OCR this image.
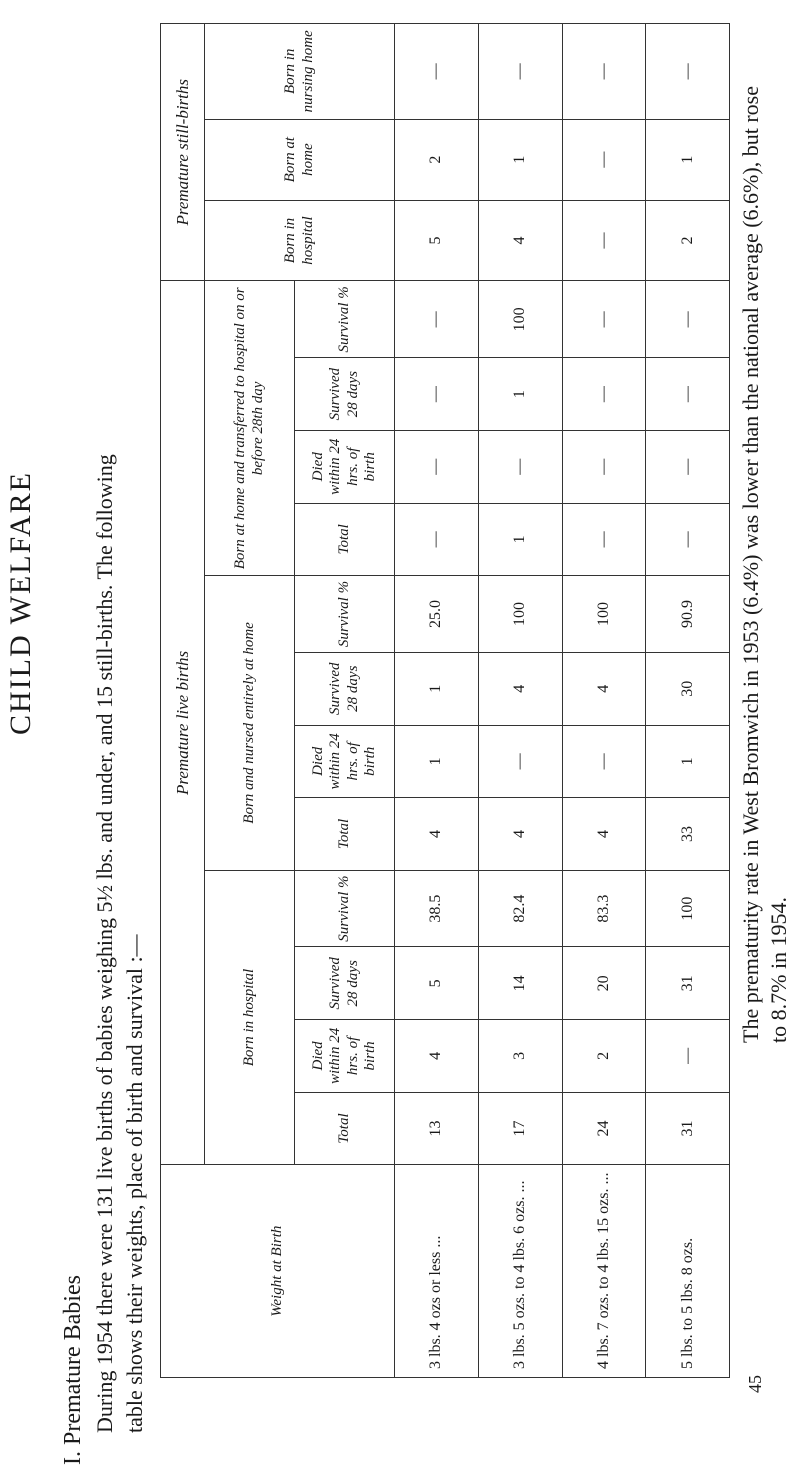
CHILD WELFARE
I. Premature Babies During 1954 there were 131 live births of babies weighing 5½ lbs. and under, and 15 still-births. The following table shows their weights, place of birth and survival :—	Weight at Birth	Premature live births												Premature still-births		
	Born in hospital				Born and nursed entirely at home				Born at home and transferred to hospital on or before 28th day				Born in hospital	Born at home	Born in nursing home
	Total	Died within 24 hrs. of birth	Survived 28 days	Survival %	Total	Died within 24 hrs. of birth	Survived 28 days	Survival %	Total	Died within 24 hrs. of birth	Survived 28 days	Survival %			
3 lbs. 4 ozs or less ...	13	4	5	38.5	4	1	1	25.0	—	—	—	—	5	2	—
3 lbs. 5 ozs. to 4 lbs. 6 ozs. ...	17	3	14	82.4	4	—	4	100	1	—	1	100	4	1	—
4 lbs. 7 ozs. to 4 lbs. 15 ozs. ...	24	2	20	83.3	4	—	4	100	—	—	—	—	—	—	—
5 lbs. to 5 lbs. 8 ozs.	31	—	31	100	33	1	30	90.9	—	—	—	—	2	1	—
45
The prematurity rate in West Bromwich in 1953 (6.4%) was lower than the national average (6.6%), but rose to 8.7% in 1954.
